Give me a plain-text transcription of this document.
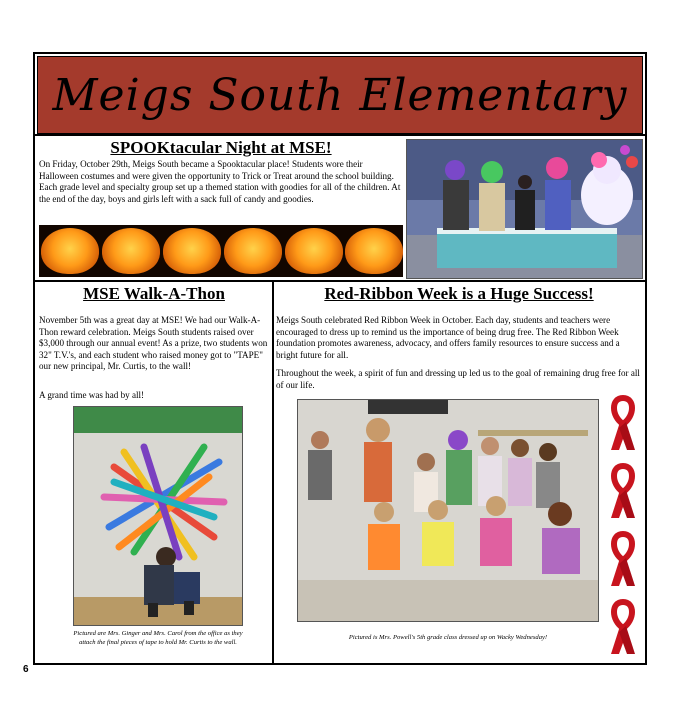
Meigs South Elementary
SPOOKtacular Night at MSE!

On Friday, October 29th, Meigs South became a Spooktacular place! Students wore their Halloween costumes and were given the opportunity to Trick or Treat around the school building. Each grade level and specialty group set up a themed station with goodies for all of the children. At the end of the day, boys and girls left with a sack full of candy and goodies.

MSE Walk-A-Thon

November 5th was a great day at MSE! We had our Walk-A-Thon reward celebration. Meigs South students raised over $3,000 through our annual event! As a prize, two students won 32" T.V.'s, and each student who raised money got to "TAPE" our new principal, Mr. Curtis, to the wall!

A grand time was had by all!

Pictured are Mrs. Ginger and Mrs. Carol from the office as they attach the final pieces of tape to hold Mr. Curtis to the wall.
Red-Ribbon Week is a Huge Success!

Meigs South celebrated Red Ribbon Week in October. Each day, students and teachers were encouraged to dress up to remind us the importance of being drug free. The Red Ribbon Week foundation promotes awareness, advocacy, and offers family resources to ensure success and a bright future for all.

Throughout the week, a spirit of fun and dressing up led us to the goal of remaining drug free for all of our life.

Pictured is Mrs. Powell's 5th grade class dressed up on Wacky Wednesday!
6
